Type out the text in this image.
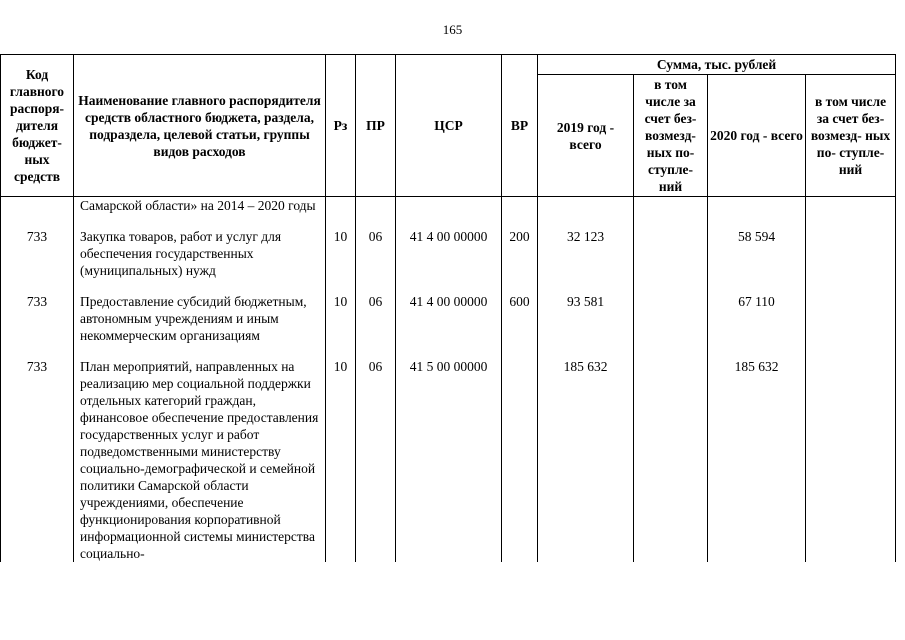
165
Код главного распоря- дителя бюджет- ных средств	Наименование главного распорядителя средств областного бюджета, раздела, подраздела, целевой статьи, группы видов расходов	Рз	ПР	ЦСР	ВР	Сумма, тыс. рублей			
						2019 год - всего	в том числе за счет без- возмезд- ных по- ступле- ний	2020 год - всего	в том числе за счет без- возмезд- ных по- ступле- ний
	Самарской области» на 2014 – 2020 годы								

733	Закупка товаров, работ и услуг для обеспечения государственных (муниципальных) нужд	10	06	41 4 00 00000	200	32 123		58 594	

733	Предоставление субсидий бюджетным, автономным учреждениям и иным некоммерческим организациям	10	06	41 4 00 00000	600	93 581		67 110	

733	План мероприятий, направленных на реализацию мер социальной поддержки отдельных категорий граждан, финансовое обеспечение предоставления государственных услуг и работ подведомственными министерству социально-демографической и семейной политики Самарской области учреждениями, обеспечение функционирования корпоративной информационной системы министерства социально-	10	06	41 5 00 00000		185 632		185 632	
